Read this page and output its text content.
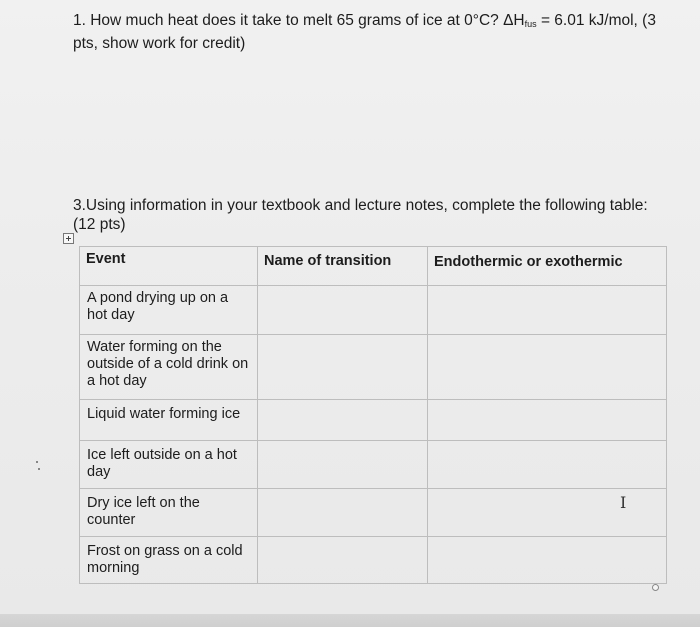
1. How much heat does it take to melt 65 grams of ice at 0°C? $\Delta H_{fus} = 6.01$ kJ/mol, (3 pts, show work for credit)
3.Using information in your textbook and lecture notes, complete the following table: (12 pts)
Event	Name of transition	Endothermic or exothermic

A pond drying up on a hot day		

Water forming on the outside of a cold drink on a hot day		

Liquid water forming ice		

Ice left outside on a hot day		

Dry ice left on the counter		

Frost on grass on a cold morning		

I
